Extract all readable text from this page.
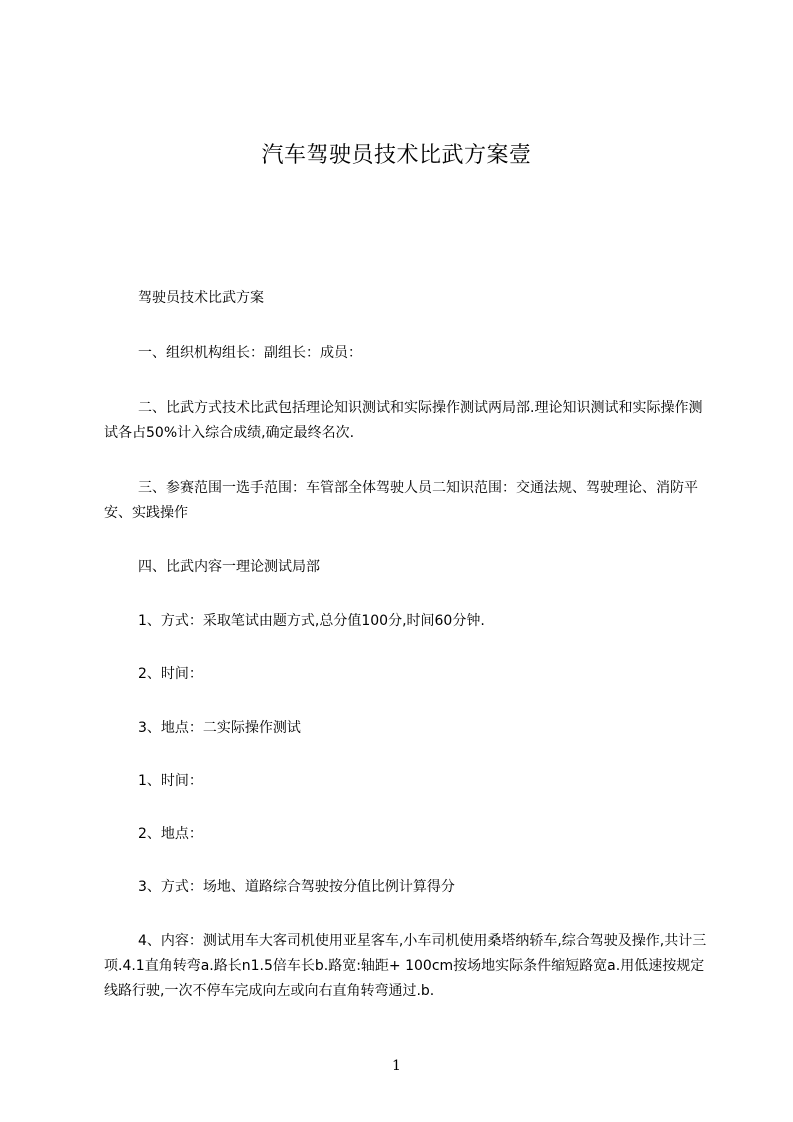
汽车驾驶员技术比武方案壹
驾驶员技术比武方案
一、组织机构组长：副组长：成员：
二、比武方式技术比武包括理论知识测试和实际操作测试两局部.理论知识测试和实际操作测试各占50%计入综合成绩,确定最终名次.
三、参赛范围一选手范围：车管部全体驾驶人员二知识范围：交通法规、驾驶理论、消防平安、实践操作
四、比武内容一理论测试局部
1、方式：采取笔试由题方式,总分值100分,时间60分钟.
2、时间：
3、地点：二实际操作测试
1、时间：
2、地点：
3、方式：场地、道路综合驾驶按分值比例计算得分
4、内容：测试用车大客司机使用亚星客车,小车司机使用桑塔纳轿车,综合驾驶及操作,共计三项.4.1直角转弯a.路长n1.5倍车长b.路宽:轴距+ 100cm按场地实际条件缩短路宽a.用低速按规定线路行驶,一次不停车完成向左或向右直角转弯通过.b.
1
